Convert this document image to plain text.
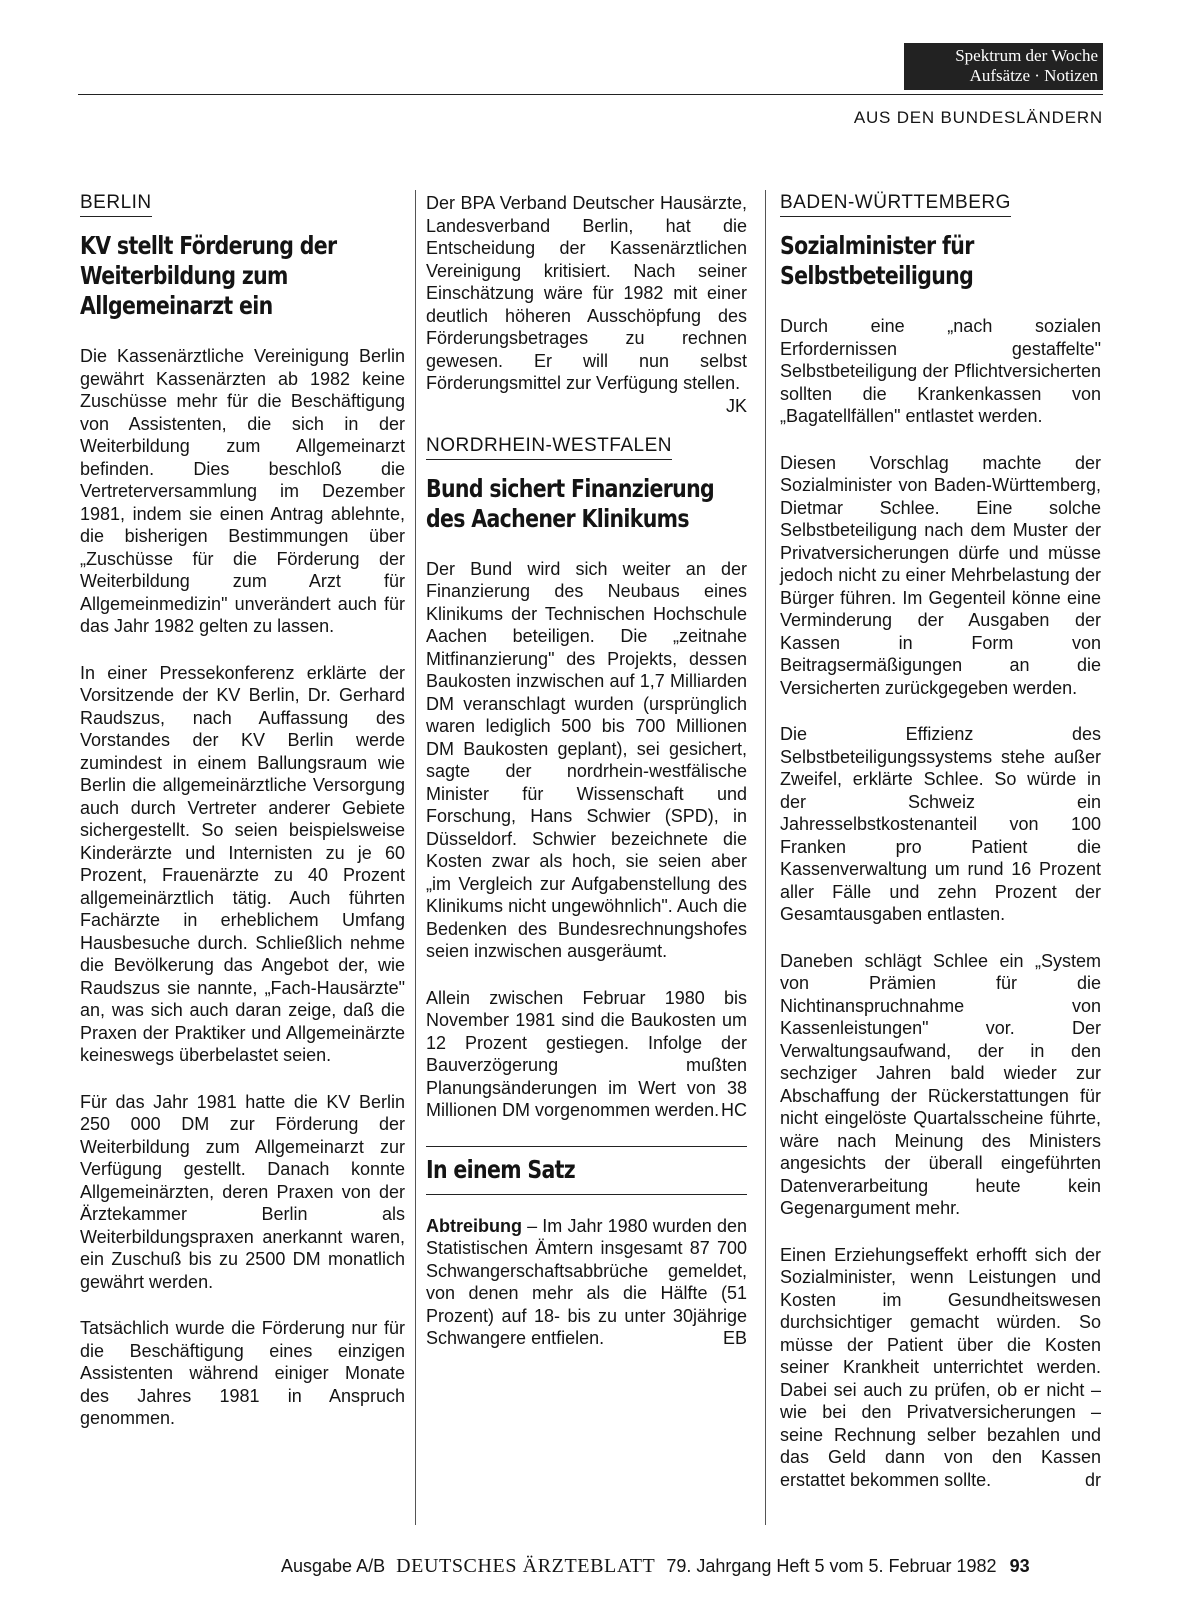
Spektrum der Woche
Aufsätze · Notizen
AUS DEN BUNDESLÄNDERN
BERLIN
KV stellt Förderung der Weiterbildung zum Allgemeinarzt ein

Die Kassenärztliche Vereinigung Berlin gewährt Kassenärzten ab 1982 keine Zuschüsse mehr für die Beschäftigung von Assistenten, die sich in der Weiterbildung zum Allgemeinarzt befinden. Dies beschloß die Vertreterversammlung im Dezember 1981, indem sie einen Antrag ablehnte, die bisherigen Bestimmungen über „Zuschüsse für die Förderung der Weiterbildung zum Arzt für Allgemeinmedizin" unverändert auch für das Jahr 1982 gelten zu lassen.

In einer Pressekonferenz erklärte der Vorsitzende der KV Berlin, Dr. Gerhard Raudszus, nach Auffassung des Vorstandes der KV Berlin werde zumindest in einem Ballungsraum wie Berlin die allgemeinärztliche Versorgung auch durch Vertreter anderer Gebiete sichergestellt. So seien beispielsweise Kinderärzte und Internisten zu je 60 Prozent, Frauenärzte zu 40 Prozent allgemeinärztlich tätig. Auch führten Fachärzte in erheblichem Umfang Hausbesuche durch. Schließlich nehme die Bevölkerung das Angebot der, wie Raudszus sie nannte, „Fach-Hausärzte" an, was sich auch daran zeige, daß die Praxen der Praktiker und Allgemeinärzte keineswegs überbelastet seien.

Für das Jahr 1981 hatte die KV Berlin 250 000 DM zur Förderung der Weiterbildung zum Allgemeinarzt zur Verfügung gestellt. Danach konnte Allgemeinärzten, deren Praxen von der Ärztekammer Berlin als Weiterbildungspraxen anerkannt waren, ein Zuschuß bis zu 2500 DM monatlich gewährt werden.

Tatsächlich wurde die Förderung nur für die Beschäftigung eines einzigen Assistenten während einiger Monate des Jahres 1981 in Anspruch genommen.

Der BPA Verband Deutscher Hausärzte, Landesverband Berlin, hat die Entscheidung der Kassenärztlichen Vereinigung kritisiert. Nach seiner Einschätzung wäre für 1982 mit einer deutlich höheren Ausschöpfung des Förderungsbetrages zu rechnen gewesen. Er will nun selbst Förderungsmittel zur Verfügung stellen.
JK

NORDRHEIN-WESTFALEN
Bund sichert Finanzierung des Aachener Klinikums

Der Bund wird sich weiter an der Finanzierung des Neubaus eines Klinikums der Technischen Hochschule Aachen beteiligen. Die „zeitnahe Mitfinanzierung" des Projekts, dessen Baukosten inzwischen auf 1,7 Milliarden DM veranschlagt wurden (ursprünglich waren lediglich 500 bis 700 Millionen DM Baukosten geplant), sei gesichert, sagte der nordrhein-westfälische Minister für Wissenschaft und Forschung, Hans Schwier (SPD), in Düsseldorf. Schwier bezeichnete die Kosten zwar als hoch, sie seien aber „im Vergleich zur Aufgabenstellung des Klinikums nicht ungewöhnlich". Auch die Bedenken des Bundesrechnungshofes seien inzwischen ausgeräumt.

Allein zwischen Februar 1980 bis November 1981 sind die Baukosten um 12 Prozent gestiegen. Infolge der Bauverzögerung mußten Planungsänderungen im Wert von 38 Millionen DM vorgenommen werden. HC

In einem Satz

Abtreibung – Im Jahr 1980 wurden den Statistischen Ämtern insgesamt 87 700 Schwangerschaftsabbrüche gemeldet, von denen mehr als die Hälfte (51 Prozent) auf 18- bis zu unter 30jährige Schwangere entfielen.	EB

BADEN-WÜRTTEMBERG
Sozialminister für Selbstbeteiligung

Durch eine „nach sozialen Erfordernissen gestaffelte" Selbstbeteiligung der Pflichtversicherten sollten die Krankenkassen von „Bagatellfällen" entlastet werden.

Diesen Vorschlag machte der Sozialminister von Baden-Württemberg, Dietmar Schlee. Eine solche Selbstbeteiligung nach dem Muster der Privatversicherungen dürfe und müsse jedoch nicht zu einer Mehrbelastung der Bürger führen. Im Gegenteil könne eine Verminderung der Ausgaben der Kassen in Form von Beitragsermäßigungen an die Versicherten zurückgegeben werden.

Die Effizienz des Selbstbeteiligungssystems stehe außer Zweifel, erklärte Schlee. So würde in der Schweiz ein Jahresselbstkostenanteil von 100 Franken pro Patient die Kassenverwaltung um rund 16 Prozent aller Fälle und zehn Prozent der Gesamtausgaben entlasten.

Daneben schlägt Schlee ein „System von Prämien für die Nichtinanspruchnahme von Kassenleistungen" vor. Der Verwaltungsaufwand, der in den sechziger Jahren bald wieder zur Abschaffung der Rückerstattungen für nicht eingelöste Quartalsscheine führte, wäre nach Meinung des Ministers angesichts der überall eingeführten Datenverarbeitung heute kein Gegenargument mehr.

Einen Erziehungseffekt erhofft sich der Sozialminister, wenn Leistungen und Kosten im Gesundheitswesen durchsichtiger gemacht würden. So müsse der Patient über die Kosten seiner Krankheit unterrichtet werden. Dabei sei auch zu prüfen, ob er nicht – wie bei den Privatversicherungen – seine Rechnung selber bezahlen und das Geld dann von den Kassen erstattet bekommen sollte.	dr

Ausgabe A/B DEUTSCHES ÄRZTEBLATT 79. Jahrgang Heft 5 vom 5. Februar 1982 93
